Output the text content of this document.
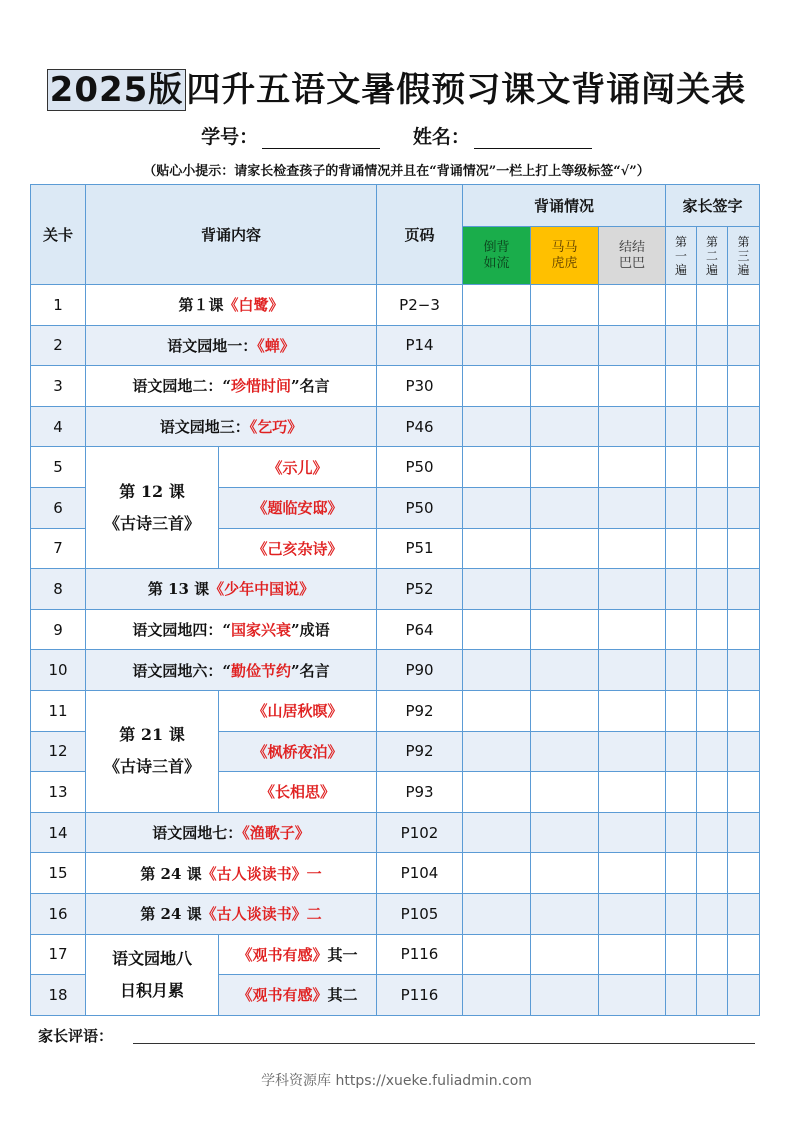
2025版四升五语文暑假预习课文背诵闯关表
学号：	姓名：
（贴心小提示：请家长检查孩子的背诵情况并且在“背诵情况”一栏上打上等级标签“√”）
关卡	背诵内容		页码	背诵情况			家长签字		

				倒背如流	马马虎虎	结结巴巴	第一遍	第二遍	第三遍

1	第１课《白鹭》		P2−3						
2	语文园地一：《蝉》		P14						
3	语文园地二：“珍惜时间”名言		P30						
4	语文园地三：《乞巧》		P46						
5	第 12 课
《古诗三首》	《示儿》	P50						
6		《题临安邸》	P50						
7		《己亥杂诗》	P51						
8	第 13 课《少年中国说》		P52						
9	语文园地四：“国家兴衰”成语		P64						
10	语文园地六：“勤俭节约”名言		P90						
11	第 21 课
《古诗三首》	《山居秋暝》	P92						
12		《枫桥夜泊》	P92						
13		《长相思》	P93						
14	语文园地七：《渔歌子》		P102						
15	第 24 课《古人谈读书》一		P104						
16	第 24 课《古人谈读书》二		P105						
17	语文园地八
日积月累	《观书有感》其一	P116						
18		《观书有感》其二	P116						
家长评语：
学科资源库 https://xueke.fuliadmin.com
